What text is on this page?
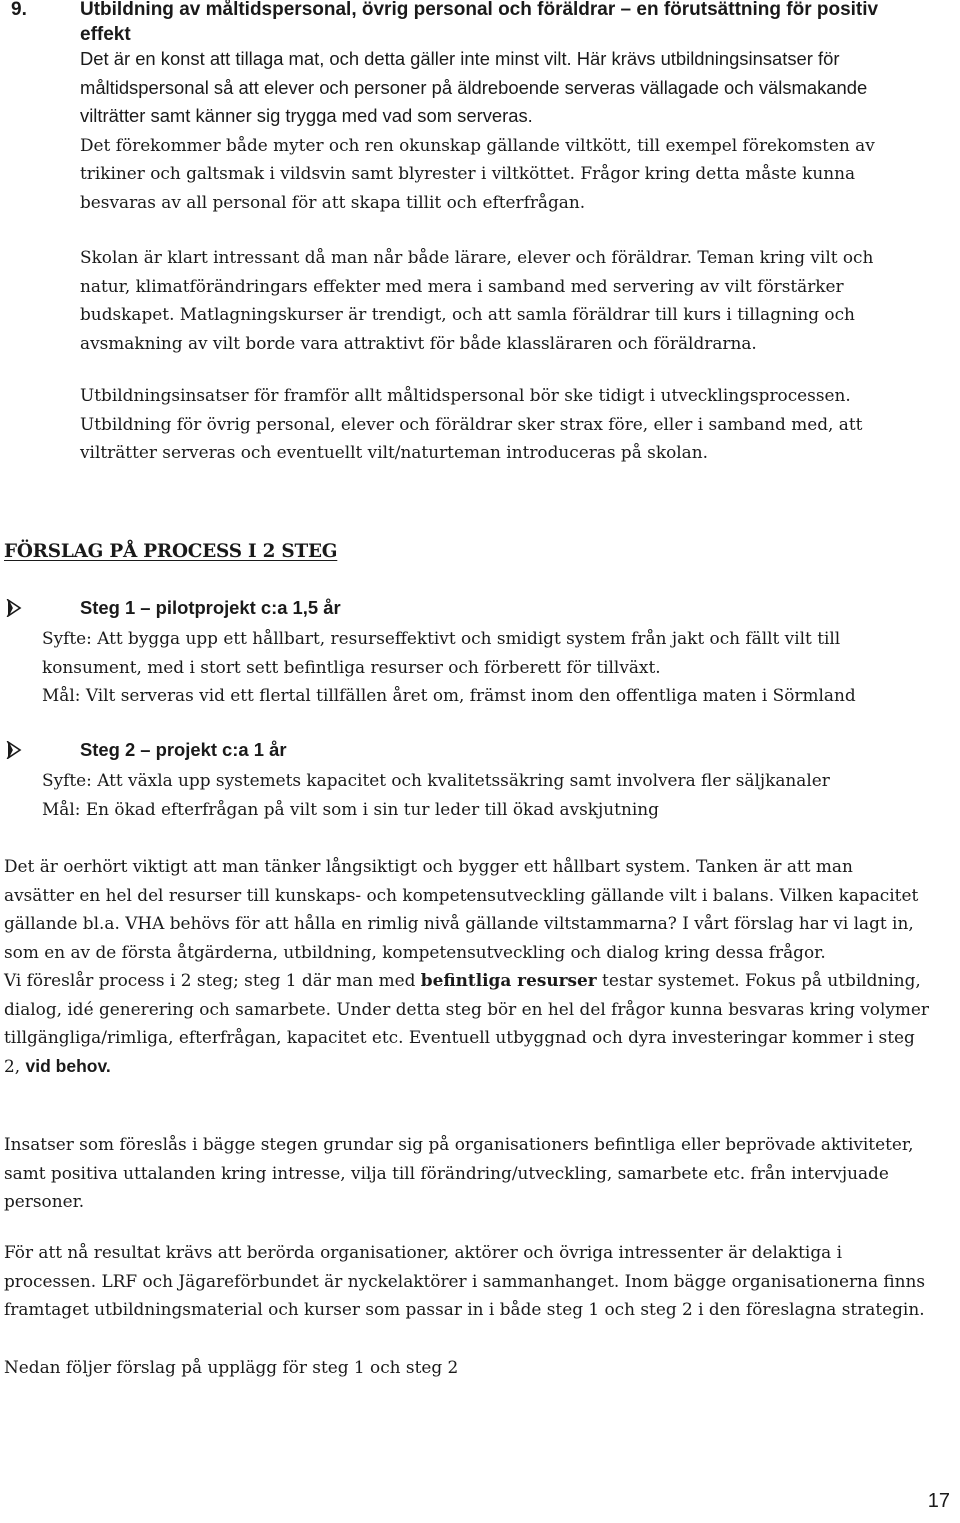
9.	Utbildning av måltidspersonal, övrig personal och föräldrar – en förutsättning för positiv
effekt
Det är en konst att tillaga mat, och detta gäller inte minst vilt. Här krävs utbildningsinsatser för
måltidspersonal så att elever och personer på äldreboende serveras vällagade och välsmakande
vilträtter samt känner sig trygga med vad som serveras.
Det förekommer både myter och ren okunskap gällande viltkött, till exempel förekomsten av
trikiner och galtsmak i vildsvin samt blyrester i viltköttet. Frågor kring detta måste kunna
besvaras av all personal för att skapa tillit och efterfrågan.
Skolan är klart intressant då man når både lärare, elever och föräldrar. Teman kring vilt och
natur, klimatförändringars effekter med mera i samband med servering av vilt förstärker
budskapet. Matlagningskurser är trendigt, och att samla föräldrar till kurs i tillagning och
avsmakning av vilt borde vara attraktivt för både klassläraren och föräldrarna.
Utbildningsinsatser för framför allt måltidspersonal bör ske tidigt i utvecklingsprocessen.
Utbildning för övrig personal, elever och föräldrar sker strax före, eller i samband med, att
vilträtter serveras och eventuellt vilt/naturteman introduceras på skolan.
FÖRSLAG PÅ PROCESS I 2 STEG
Steg 1 – pilotprojekt c:a 1,5 år
Syfte: Att bygga upp ett hållbart, resurseffektivt och smidigt system från jakt och fällt vilt till
konsument, med i stort sett befintliga resurser och förberett för tillväxt.
Mål: Vilt serveras vid ett flertal tillfällen året om, främst inom den offentliga maten i Sörmland
Steg 2 – projekt c:a 1 år
Syfte: Att växla upp systemets kapacitet och kvalitetssäkring samt involvera fler säljkanaler
Mål: En ökad efterfrågan på vilt som i sin tur leder till ökad avskjutning
Det är oerhört viktigt att man tänker långsiktigt och bygger ett hållbart system. Tanken är att man
avsätter en hel del resurser till kunskaps- och kompetensutveckling gällande vilt i balans. Vilken kapacitet
gällande bl.a. VHA behövs för att hålla en rimlig nivå gällande viltstammarna? I vårt förslag har vi lagt in,
som en av de första åtgärderna, utbildning, kompetensutveckling och dialog kring dessa frågor.
Vi föreslår process i 2 steg; steg 1 där man med befintliga resurser testar systemet. Fokus på utbildning,
dialog, idé generering och samarbete. Under detta steg bör en hel del frågor kunna besvaras kring volymer
tillgängliga/rimliga, efterfrågan, kapacitet etc. Eventuell utbyggnad och dyra investeringar kommer i steg
2, vid behov.
Insatser som föreslås i bägge stegen grundar sig på organisationers befintliga eller beprövade aktiviteter,
samt positiva uttalanden kring intresse, vilja till förändring/utveckling, samarbete etc. från intervjuade
personer.
För att nå resultat krävs att berörda organisationer, aktörer och övriga intressenter är delaktiga i
processen. LRF och Jägareförbundet är nyckelaktörer i sammanhanget. Inom bägge organisationerna finns
framtaget utbildningsmaterial och kurser som passar in i både steg 1 och steg 2 i den föreslagna strategin.
Nedan följer förslag på upplägg för steg 1 och steg 2
17
